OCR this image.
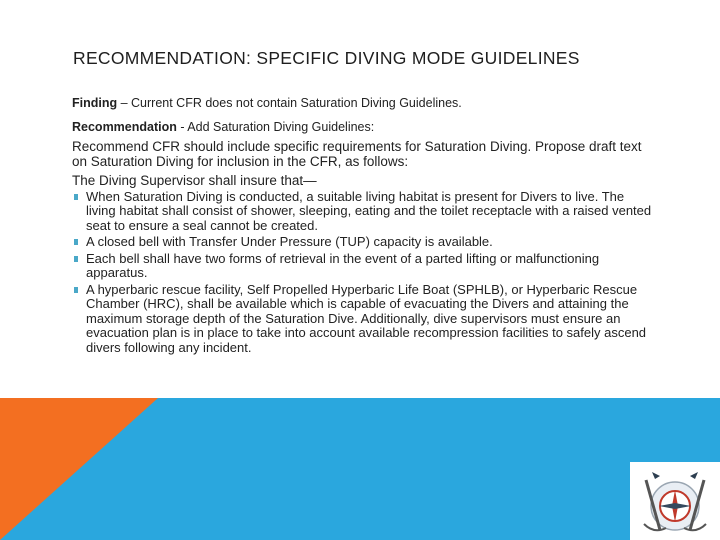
RECOMMENDATION: SPECIFIC DIVING MODE GUIDELINES

Finding – Current CFR does not contain Saturation Diving Guidelines.

Recommendation - Add Saturation Diving Guidelines:

Recommend CFR should include specific requirements for Saturation Diving. Propose draft text on Saturation Diving for inclusion in the CFR, as follows:

The Diving Supervisor shall insure that—

When Saturation Diving is conducted, a suitable living habitat is present for Divers to live. The living habitat shall consist of shower, sleeping, eating and the toilet receptacle with a raised vented seat to ensure a seal cannot be created.
A closed bell with Transfer Under Pressure (TUP) capacity is available.
Each bell shall have two forms of retrieval in the event of a parted lifting or malfunctioning apparatus.
A hyperbaric rescue facility, Self Propelled Hyperbaric Life Boat (SPHLB), or Hyperbaric Rescue Chamber (HRC), shall be available which is capable of evacuating the Divers and attaining the maximum storage depth of the Saturation Dive. Additionally, dive supervisors must ensure an evacuation plan is in place to take into account available recompression facilities to safely ascend divers following any incident.
